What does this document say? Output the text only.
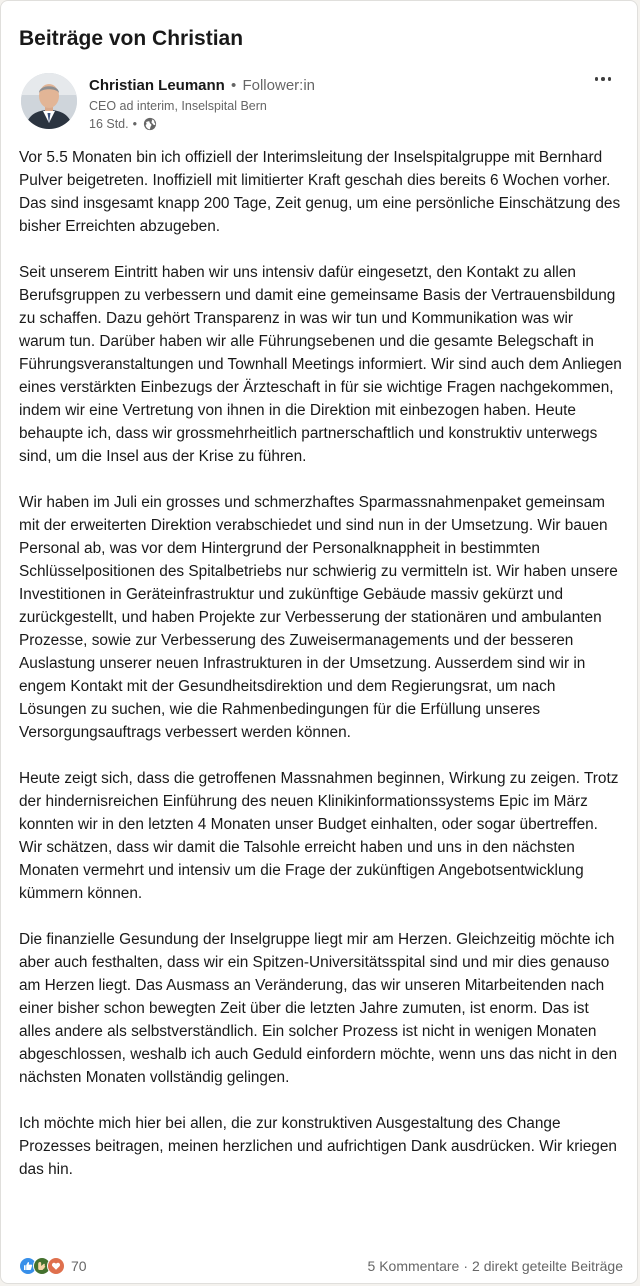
Beiträge von Christian
Christian Leumann • Follower:in
CEO ad interim, Inselspital Bern
16 Std. •

Vor 5.5 Monaten bin ich offiziell der Interimsleitung der Inselspitalgruppe mit Bernhard Pulver beigetreten. Inoffiziell mit limitierter Kraft geschah dies bereits 6 Wochen vorher. Das sind insgesamt knapp 200 Tage, Zeit genug, um eine persönliche Einschätzung des bisher Erreichten abzugeben.

Seit unserem Eintritt haben wir uns intensiv dafür eingesetzt, den Kontakt zu allen Berufsgruppen zu verbessern und damit eine gemeinsame Basis der Vertrauensbildung zu schaffen. Dazu gehört Transparenz in was wir tun und Kommunikation was wir warum tun. Darüber haben wir alle Führungsebenen und die gesamte Belegschaft in Führungsveranstaltungen und Townhall Meetings informiert. Wir sind auch dem Anliegen eines verstärkten Einbezugs der Ärzteschaft in für sie wichtige Fragen nachgekommen, indem wir eine Vertretung von ihnen in die Direktion mit einbezogen haben. Heute behaupte ich, dass wir grossmehrheitlich partnerschaftlich und konstruktiv unterwegs sind, um die Insel aus der Krise zu führen.

Wir haben im Juli ein grosses und schmerzhaftes Sparmassnahmenpaket gemeinsam mit der erweiterten Direktion verabschiedet und sind nun in der Umsetzung. Wir bauen Personal ab, was vor dem Hintergrund der Personalknappheit in bestimmten Schlüsselpositionen des Spitalbetriebs nur schwierig zu vermitteln ist. Wir haben unsere Investitionen in Geräteinfrastruktur und zukünftige Gebäude massiv gekürzt und zurückgestellt, und haben Projekte zur Verbesserung der stationären und ambulanten Prozesse, sowie zur Verbesserung des Zuweisermanagements und der besseren Auslastung unserer neuen Infrastrukturen in der Umsetzung. Ausserdem sind wir in engem Kontakt mit der Gesundheitsdirektion und dem Regierungsrat, um nach Lösungen zu suchen, wie die Rahmenbedingungen für die Erfüllung unseres Versorgungsauftrags verbessert werden können.

Heute zeigt sich, dass die getroffenen Massnahmen beginnen, Wirkung zu zeigen. Trotz der hindernisreichen Einführung des neuen Klinikinformationssystems Epic im März konnten wir in den letzten 4 Monaten unser Budget einhalten, oder sogar übertreffen. Wir schätzen, dass wir damit die Talsohle erreicht haben und uns in den nächsten Monaten vermehrt und intensiv um die Frage der zukünftigen Angebotsentwicklung kümmern können.

Die finanzielle Gesundung der Inselgruppe liegt mir am Herzen. Gleichzeitig möchte ich aber auch festhalten, dass wir ein Spitzen-Universitätsspital sind und mir dies genauso am Herzen liegt. Das Ausmass an Veränderung, das wir unseren Mitarbeitenden nach einer bisher schon bewegten Zeit über die letzten Jahre zumuten, ist enorm. Das ist alles andere als selbstverständlich. Ein solcher Prozess ist nicht in wenigen Monaten abgeschlossen, weshalb ich auch Geduld einfordern möchte, wenn uns das nicht in den nächsten Monaten vollständig gelingen.

Ich möchte mich hier bei allen, die zur konstruktiven Ausgestaltung des Change Prozesses beitragen, meinen herzlichen und aufrichtigen Dank ausdrücken. Wir kriegen das hin.

70	5 Kommentare · 2 direkt geteilte Beiträge
